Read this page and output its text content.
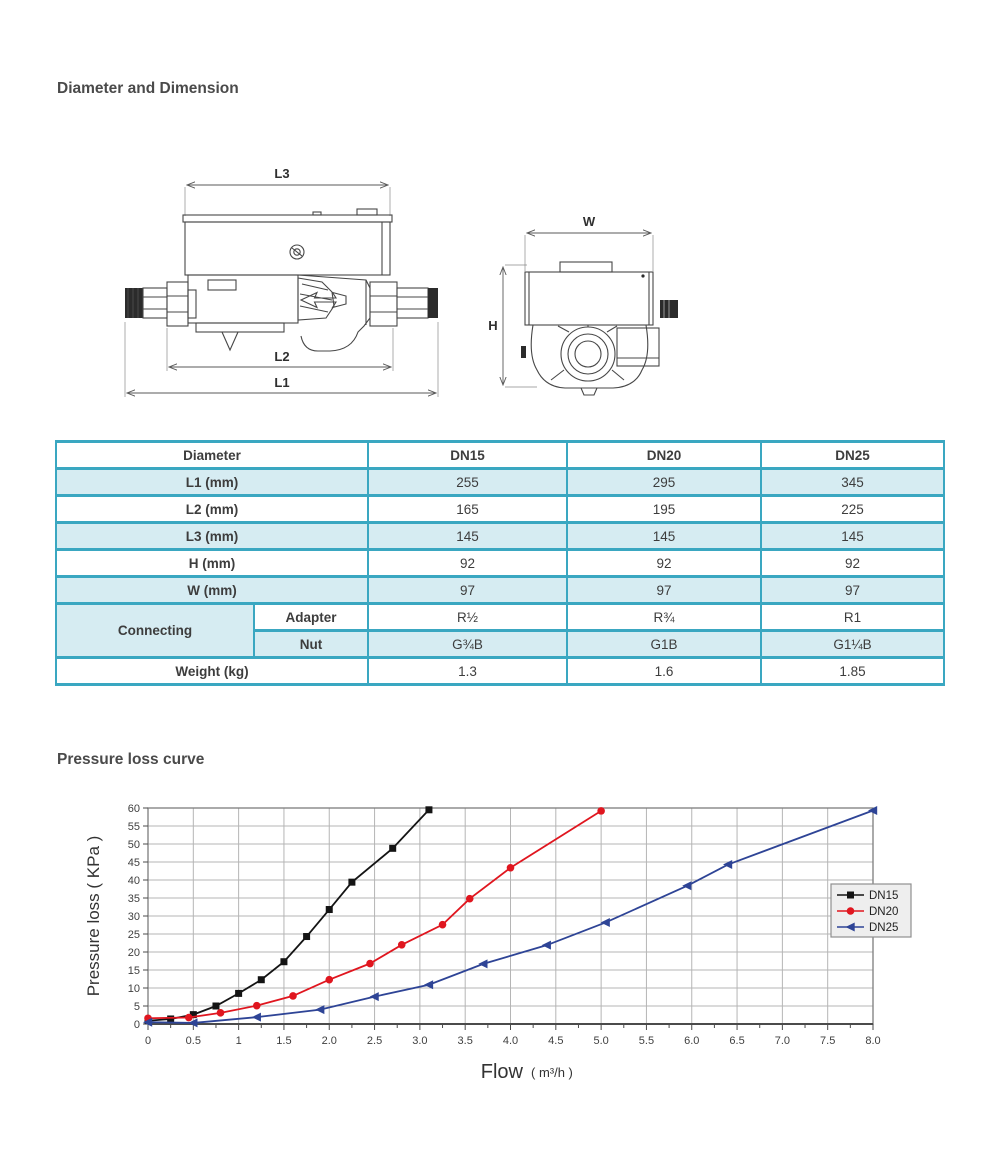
Diameter and Dimension
L3
L2
L1
W
H
Diameter		DN15	DN20	DN25
L1 (mm)		255	295	345
L2 (mm)		165	195	225
L3 (mm)		145	145	145
H (mm)		92	92	92
W (mm)		97	97	97
Connecting	Adapter	R½	R¾	R1
	Nut	G¾B	G1B	G1¼B
Weight (kg)		1.3	1.6	1.85
Pressure loss curve
0	0.5	1	1.5	2.0	2.5	3.0	3.5	4.0	4.5	5.0	5.5	6.0	6.5	7.0	7.5	8.0
0
5
10
15
20
25
30
35
40
45
50
55
60
Pressure loss ( KPa )
Flow ( m³/h )
DN15
DN20
DN25
